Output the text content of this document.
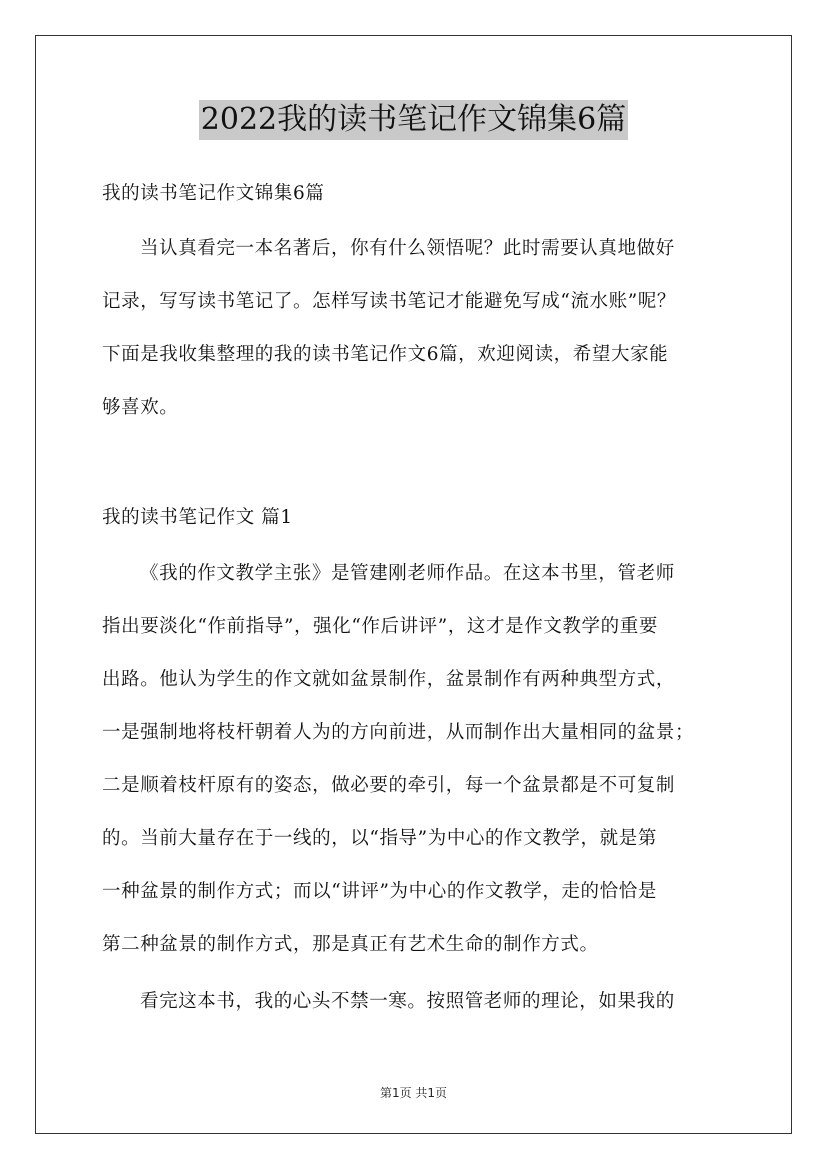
2022我的读书笔记作文锦集6篇
我的读书笔记作文锦集6篇
当认真看完一本名著后，你有什么领悟呢？此时需要认真地做好
记录，写写读书笔记了。怎样写读书笔记才能避免写成“流水账”呢？
下面是我收集整理的我的读书笔记作文6篇，欢迎阅读，希望大家能
够喜欢。
我的读书笔记作文 篇1
《我的作文教学主张》是管建刚老师作品。在这本书里，管老师
指出要淡化“作前指导”，强化“作后讲评”，这才是作文教学的重要
出路。他认为学生的作文就如盆景制作，盆景制作有两种典型方式，
一是强制地将枝杆朝着人为的方向前进，从而制作出大量相同的盆景；
二是顺着枝杆原有的姿态，做必要的牵引，每一个盆景都是不可复制
的。当前大量存在于一线的，以“指导”为中心的作文教学，就是第
一种盆景的制作方式；而以“讲评”为中心的作文教学，走的恰恰是
第二种盆景的制作方式，那是真正有艺术生命的制作方式。
看完这本书，我的心头不禁一寒。按照管老师的理论，如果我的
第1页 共1页
